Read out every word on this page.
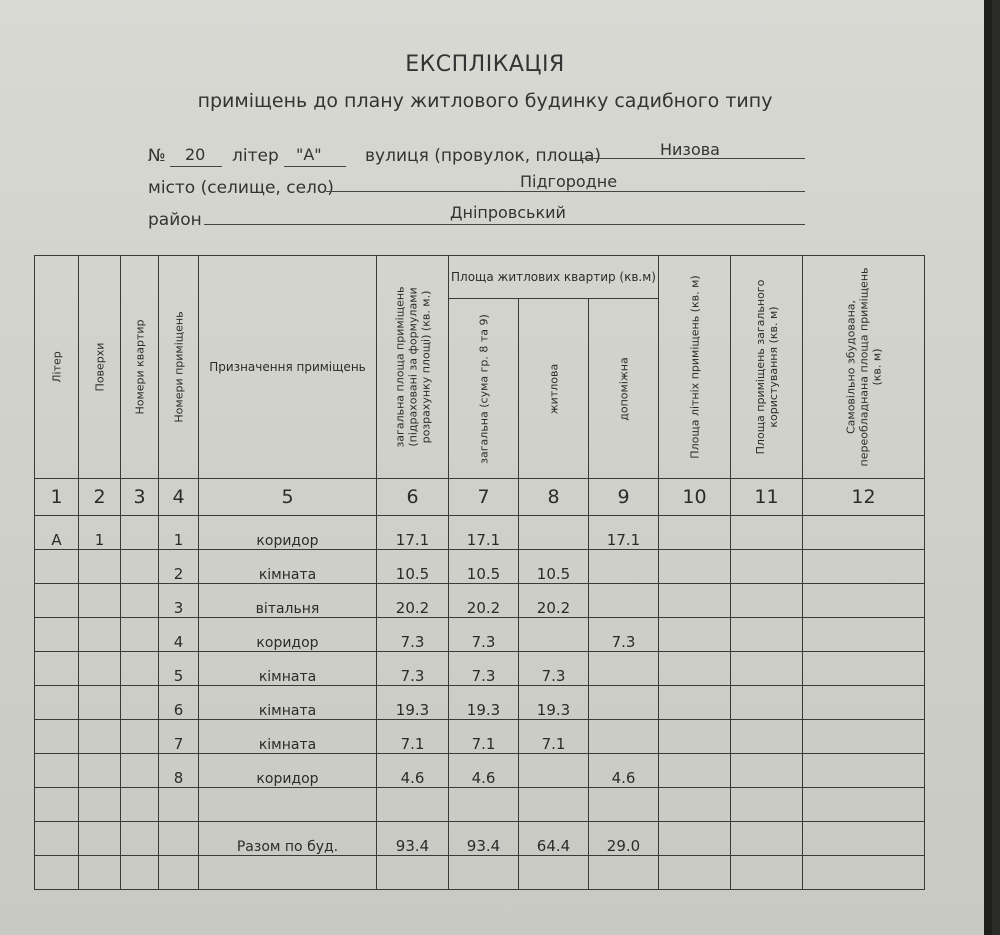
ЕКСПЛІКАЦІЯ
приміщень до плану житлового будинку садибного типу
№ 20 літер "А"	вулиця (провулок, площа)	Низова
місто (селище, село)	Підгородне
район	Дніпровський
Літер	Поверхи	Номери квартир	Номери приміщень	Призначення приміщень	загальна площа приміщень (підраховані за формулами розрахунку площі) (кв. м.)	Площа житлових квартир (кв.м)			Площа літніх приміщень (кв. м)	Площа приміщень загального користування (кв. м)	Самовільно збудована, переобладнана площа приміщень (кв. м)

						загальна (сума гр. 8 та 9)	житлова	допоміжна			

1	2	3	4	5	6	7	8	9	10	11	12
А	1		1	коридор	17.1	17.1		17.1			
			2	кімната	10.5	10.5	10.5				
			3	вітальня	20.2	20.2	20.2				
			4	коридор	7.3	7.3		7.3			
			5	кімната	7.3	7.3	7.3				
			6	кімната	19.3	19.3	19.3				
			7	кімната	7.1	7.1	7.1				
			8	коридор	4.6	4.6		4.6			

				Разом по буд.	93.4	93.4	64.4	29.0			
